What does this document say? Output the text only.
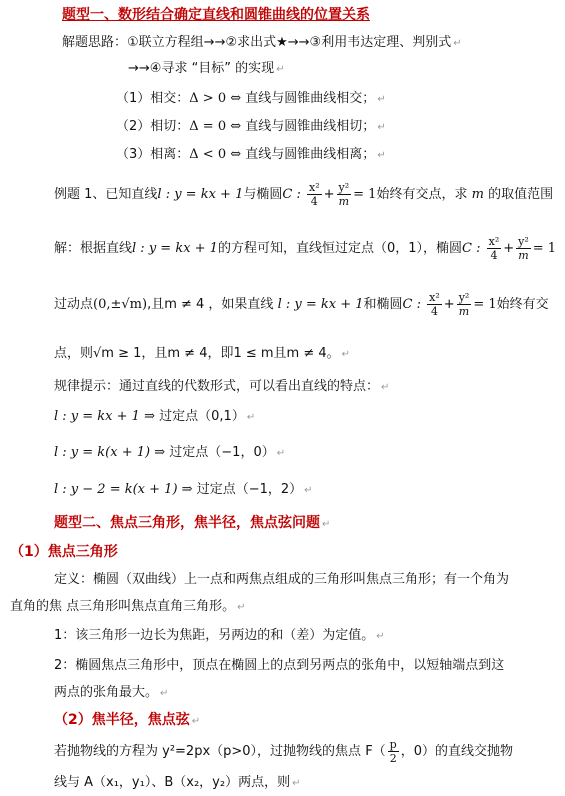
题型一、数形结合确定直线和圆锥曲线的位置关系
解题思路：①联立方程组→→②求出式★→→③利用韦达定理、判别式 ↵
→→④寻求 “目标” 的实现 ↵
（1）相交：Δ > 0 ⇔ 直线与圆锥曲线相交； ↵
（2）相切：Δ = 0 ⇔ 直线与圆锥曲线相切； ↵
（3）相离：Δ < 0 ⇔ 直线与圆锥曲线相离； ↵
例题 1、已知直线l : y = kx + 1与椭圆C : $\frac{\text{x²}}{4} + \frac{\text{y²}}{m} = 1$始终有交点，求 m 的取值范围
解：根据直线l : y = kx + 1的方程可知，直线恒过定点（0，1），椭圆C : $\frac{\text{x²}}{4} + \frac{\text{y²}}{m} = 1$
过动点(0,±√m),且m ≠ 4 ，如果直线 l : y = kx + 1和椭圆C : $\frac{\text{x²}}{4} + \frac{\text{y²}}{m} = 1$始终有交
点，则√m ≥ 1，且m ≠ 4，即1 ≤ m且m ≠ 4。 ↵
规律提示：通过直线的代数形式，可以看出直线的特点： ↵
l : y = kx + 1 ⇒ 过定点（0,1） ↵
l : y = k(x + 1) ⇒ 过定点（−1，0） ↵
l : y − 2 = k(x + 1) ⇒ 过定点（−1，2） ↵
题型二、焦点三角形，焦半径，焦点弦问题 ↵
（1）焦点三角形
定义：椭圆（双曲线）上一点和两焦点组成的三角形叫焦点三角形；有一个角为
直角的焦 点三角形叫焦点直角三角形。 ↵
1：该三角形一边长为焦距，另两边的和（差）为定值。 ↵
2：椭圆焦点三角形中，顶点在椭圆上的点到另两点的张角中，以短轴端点到这
两点的张角最大。 ↵
（2）焦半径，焦点弦 ↵
若抛物线的方程为 y²=2px（p>0），过抛物线的焦点 $F( \frac{p}{2}$ ，0）的直线交抛物
线与 A（x₁，y₁）、B（x₂，y₂）两点，则 ↵
